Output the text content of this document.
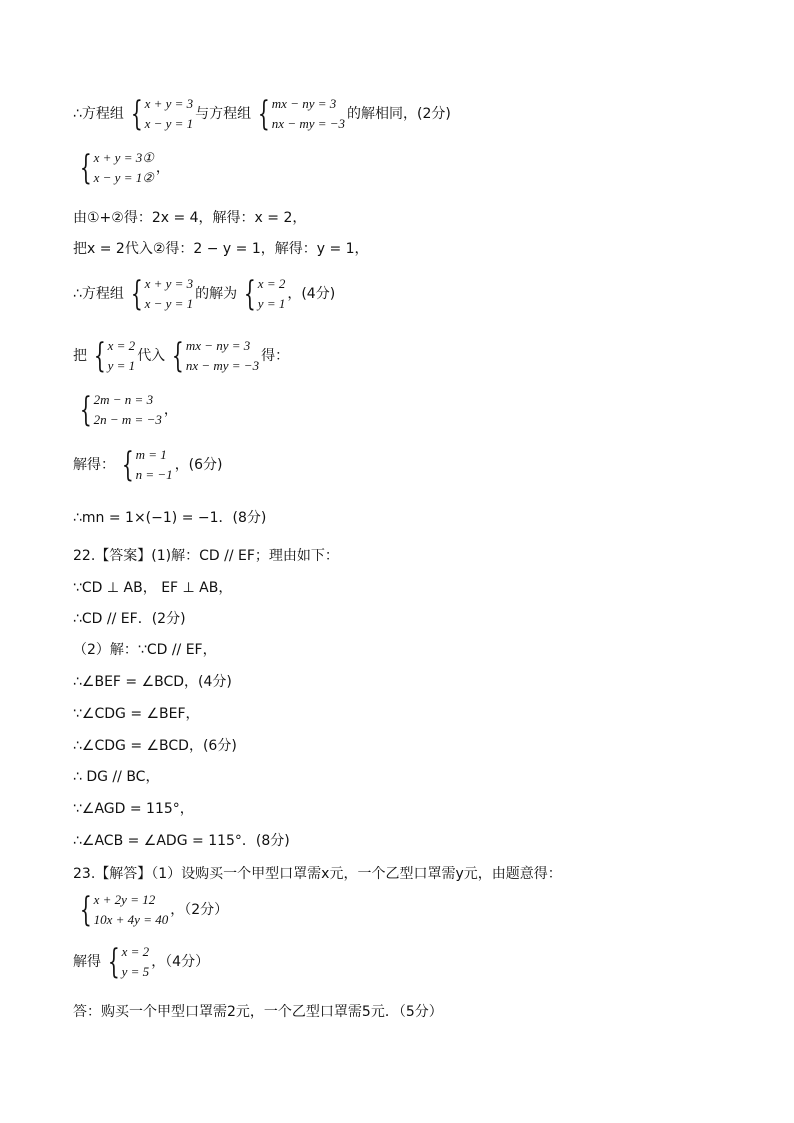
∴方程组 { x + y = 3
x − y = 1
与方程组 { mx − ny = 3
nx − my = −3
的解相同，(2分)
{ x + y = 3①
x − y = 1②
，
由①+②得：2x = 4，解得：x = 2，
把x = 2代入②得：2 − y = 1，解得：y = 1，
∴方程组 { x + y = 3
x − y = 1
的解为 { x = 2
y = 1
，(4分)
把 { x = 2
y = 1
代入 { mx − ny = 3
nx − my = −3
得：
{ 2m − n = 3
2n − m = −3
，
解得： { m = 1
n = −1
，(6分)
∴mn = 1×(−1) = −1．(8分)
22.【答案】(1)解：CD // EF；理由如下：
∵CD ⊥ AB， EF ⊥ AB，
∴CD // EF．(2分)
（2）解：∵CD // EF，
∴∠BEF = ∠BCD，(4分)
∵∠CDG = ∠BEF，
∴∠CDG = ∠BCD，(6分)
∴ DG // BC，
∵∠AGD = 115°，
∴∠ACB = ∠ADG = 115°．(8分)
23.【解答】（1）设购买一个甲型口罩需x元，一个乙型口罩需y元，由题意得：
{ x + 2y = 12
10x + 4y = 40
，（2分）
解得 { x = 2
y = 5
，（4分）
答：购买一个甲型口罩需2元，一个乙型口罩需5元．（5分）
